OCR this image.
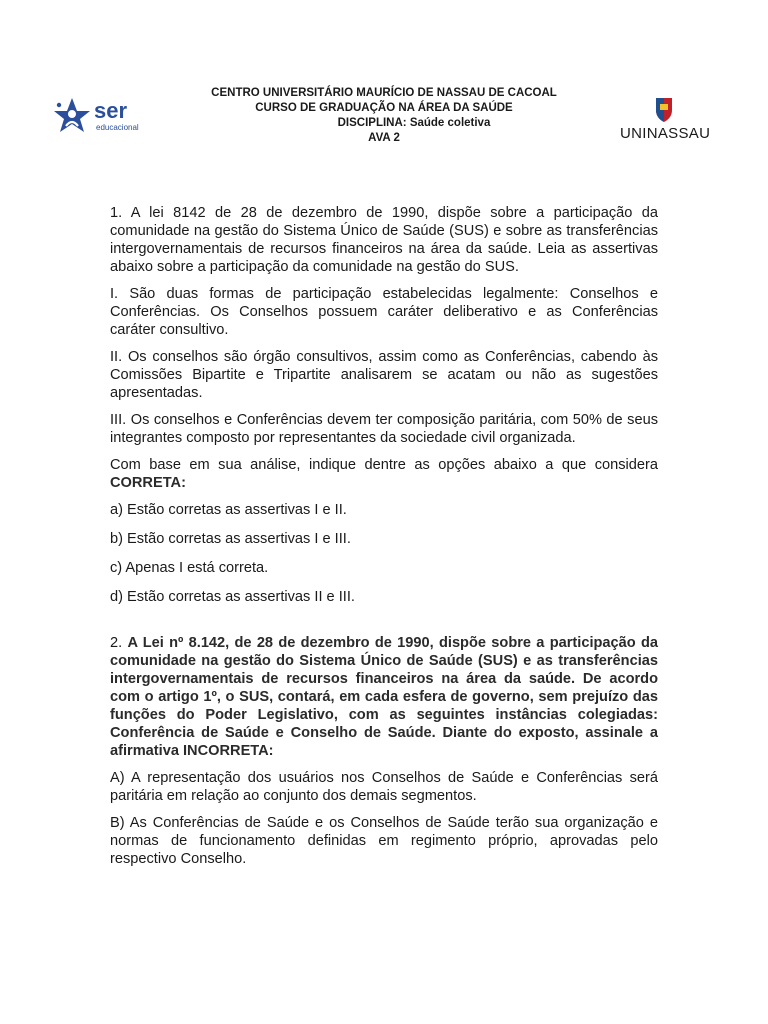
ser
educacional
CENTRO UNIVERSITÁRIO MAURÍCIO DE NASSAU DE CACOAL
CURSO DE GRADUAÇÃO NA ÁREA DA SAÚDE
DISCIPLINA: Saúde coletiva
AVA 2	UNINASSAU

1. A lei 8142 de 28 de dezembro de 1990, dispõe sobre a participação da comunidade na gestão do Sistema Único de Saúde (SUS) e sobre as transferências intergovernamentais de recursos financeiros na área da saúde. Leia as assertivas abaixo sobre a participação da comunidade na gestão do SUS.

I. São duas formas de participação estabelecidas legalmente: Conselhos e Conferências. Os Conselhos possuem caráter deliberativo e as Conferências caráter consultivo.

II. Os conselhos são órgão consultivos, assim como as Conferências, cabendo às Comissões Bipartite e Tripartite analisarem se acatam ou não as sugestões apresentadas.

III. Os conselhos e Conferências devem ter composição paritária, com 50% de seus integrantes composto por representantes da sociedade civil organizada.

Com base em sua análise, indique dentre as opções abaixo a que considera CORRETA:

a) Estão corretas as assertivas I e II.

b) Estão corretas as assertivas I e III.

c) Apenas I está correta.

d) Estão corretas as assertivas II e III.

2. A Lei nº 8.142, de 28 de dezembro de 1990, dispõe sobre a participação da comunidade na gestão do Sistema Único de Saúde (SUS) e as transferências intergovernamentais de recursos financeiros na área da saúde. De acordo com o artigo 1º, o SUS, contará, em cada esfera de governo, sem prejuízo das funções do Poder Legislativo, com as seguintes instâncias colegiadas: Conferência de Saúde e Conselho de Saúde. Diante do exposto, assinale a afirmativa INCORRETA:

A) A representação dos usuários nos Conselhos de Saúde e Conferências será paritária em relação ao conjunto dos demais segmentos.

B) As Conferências de Saúde e os Conselhos de Saúde terão sua organização e normas de funcionamento definidas em regimento próprio, aprovadas pelo respectivo Conselho.
